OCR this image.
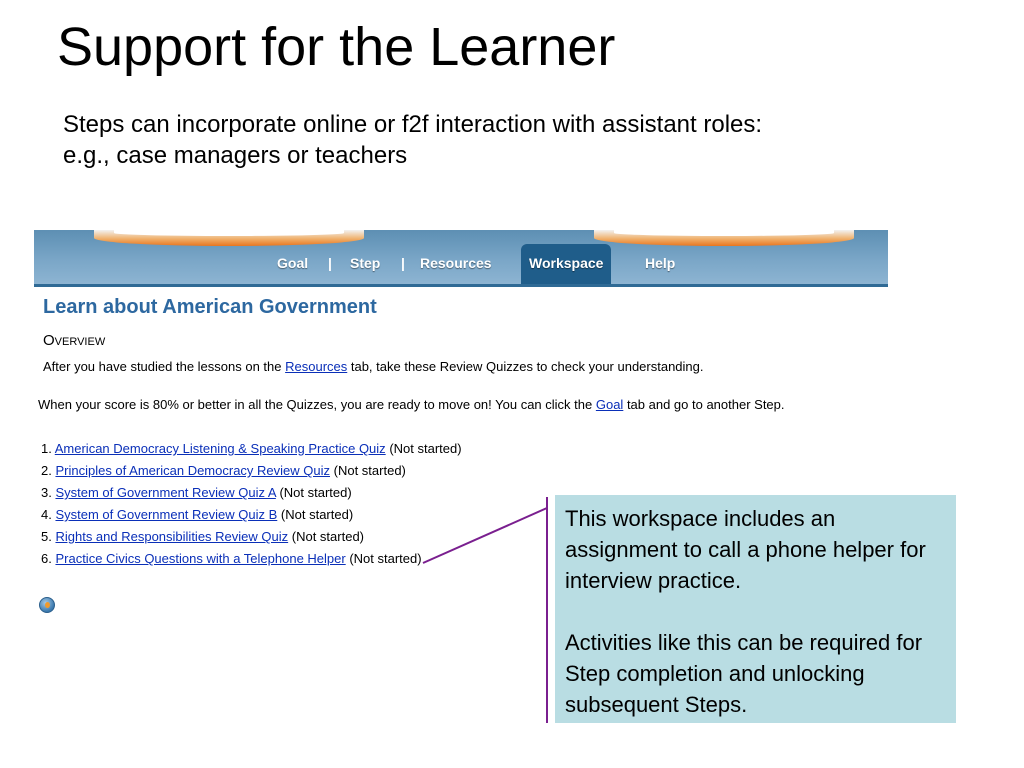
Support for the Learner
Steps can incorporate online or f2f interaction with assistant roles:
e.g., case managers or teachers
Goal | Step | Resources	Workspace	Help
Learn about American Government
Overview
After you have studied the lessons on the Resources tab, take these Review Quizzes to check your understanding.
When your score is 80% or better in all the Quizzes, you are ready to move on! You can click the Goal tab and go to another Step.
1. American Democracy Listening & Speaking Practice Quiz (Not started)
2. Principles of American Democracy Review Quiz (Not started)
3. System of Government Review Quiz A (Not started)
4. System of Government Review Quiz B (Not started)
5. Rights and Responsibilities Review Quiz (Not started)
6. Practice Civics Questions with a Telephone Helper (Not started)

This workspace includes an assignment to call a phone helper for interview practice.

Activities like this can be required for Step completion and unlocking subsequent Steps.
